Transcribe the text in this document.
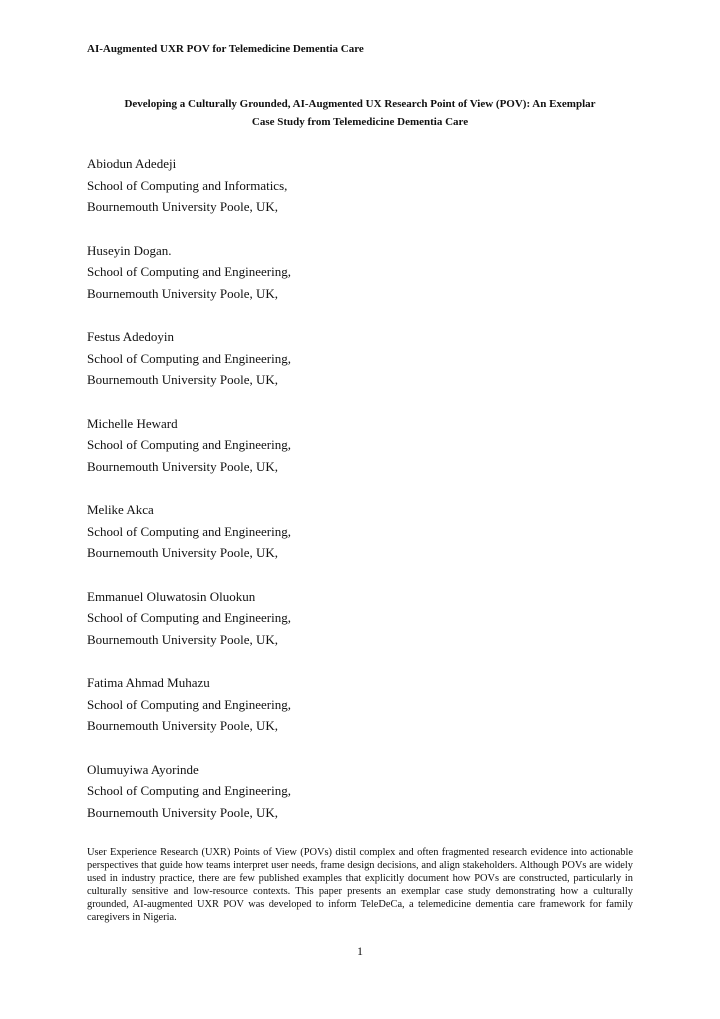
AI-Augmented UXR POV for Telemedicine Dementia Care
Developing a Culturally Grounded, AI-Augmented UX Research Point of View (POV): An Exemplar
Case Study from Telemedicine Dementia Care
Abiodun Adedeji
School of Computing and Informatics,
Bournemouth University Poole, UK,
Huseyin Dogan.
School of Computing and Engineering,
Bournemouth University Poole, UK,
Festus Adedoyin
School of Computing and Engineering,
Bournemouth University Poole, UK,
Michelle Heward
School of Computing and Engineering,
Bournemouth University Poole, UK,
Melike Akca
School of Computing and Engineering,
Bournemouth University Poole, UK,
Emmanuel Oluwatosin Oluokun
School of Computing and Engineering,
Bournemouth University Poole, UK,
Fatima Ahmad Muhazu
School of Computing and Engineering,
Bournemouth University Poole, UK,
Olumuyiwa Ayorinde
School of Computing and Engineering,
Bournemouth University Poole, UK,

User Experience Research (UXR) Points of View (POVs) distil complex and often fragmented research evidence into actionable perspectives that guide how teams interpret user needs, frame design decisions, and align stakeholders. Although POVs are widely used in industry practice, there are few published examples that explicitly document how POVs are constructed, particularly in culturally sensitive and low-resource contexts. This paper presents an exemplar case study demonstrating how a culturally grounded, AI-augmented UXR POV was developed to inform TeleDeCa, a telemedicine dementia care framework for family caregivers in Nigeria.

1
